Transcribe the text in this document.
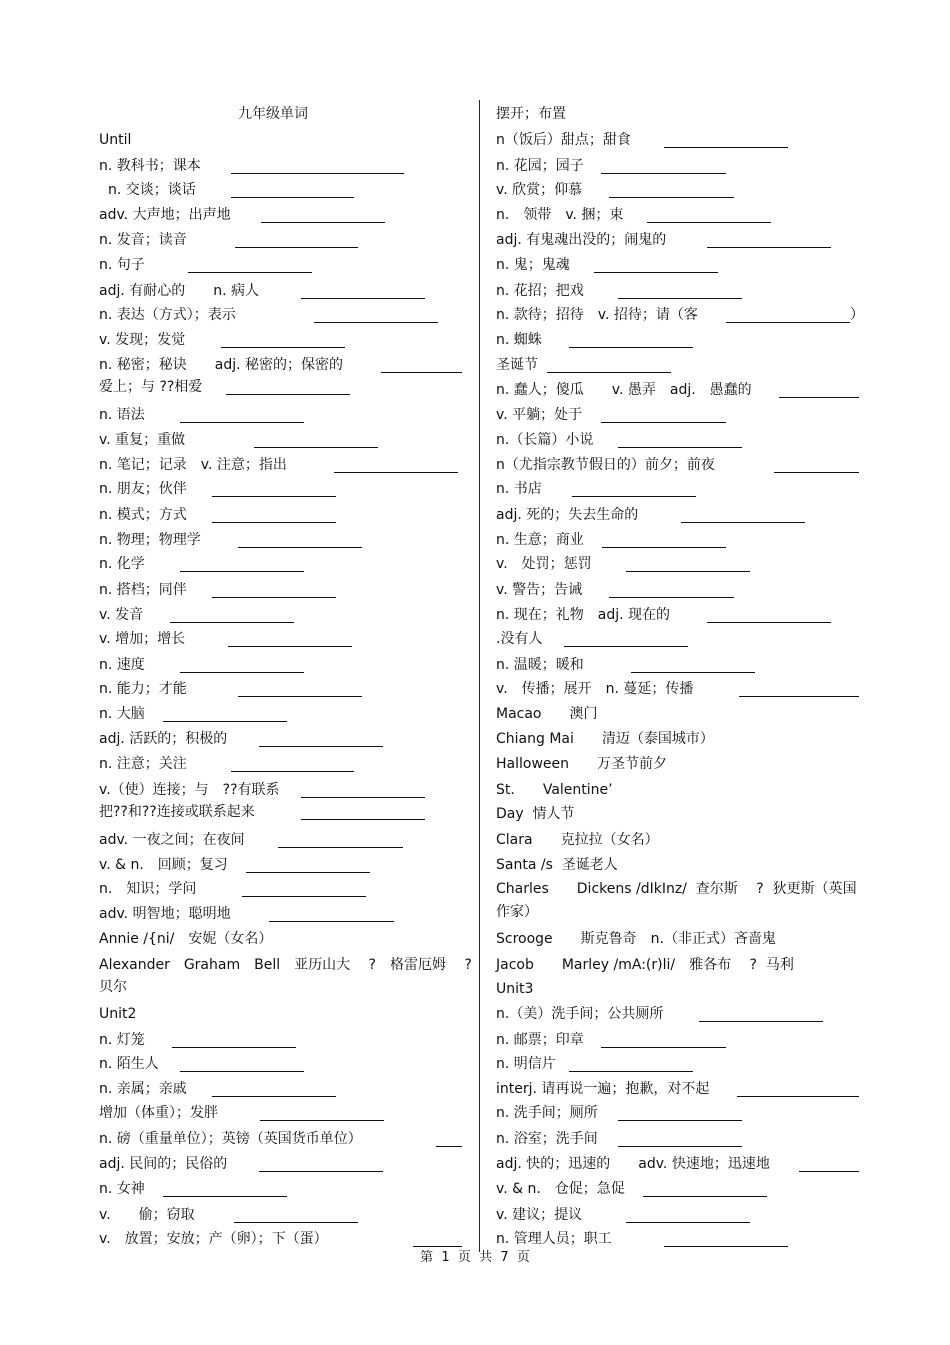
九年级单词
Until
n. 教科书；课本
n. 交谈；谈话
adv. 大声地；出声地
n. 发音；读音
n. 句子
adj. 有耐心的　　n. 病人
n. 表达（方式）；表示
v. 发现；发觉
n. 秘密；秘诀　　adj. 秘密的；保密的
爱上；与 ??相爱
n. 语法
v. 重复；重做
n. 笔记；记录　v. 注意；指出
n. 朋友；伙伴
n. 模式；方式
n. 物理；物理学
n. 化学
n. 搭档；同伴
v. 发音
v. 增加；增长
n. 速度
n. 能力；才能
n. 大脑
adj. 活跃的；积极的
n. 注意；关注
v.（使）连接；与　??有联系
把??和??连接或联系起来
adv. 一夜之间；在夜间
v. & n.　回顾；复习
n.　知识；学问
adv. 明智地；聪明地
Annie /{ni/　安妮（女名）
Alexander　Graham　Bell　亚历山大　 ?　格雷厄姆　 ?
贝尔
Unit2
n. 灯笼
n. 陌生人
n. 亲属；亲戚
增加（体重）；发胖
n. 磅（重量单位）；英镑（英国货币单位）
adj. 民间的；民俗的
n. 女神
v.　　偷；窃取
v.　放置；安放；产（卵）；下（蛋）
摆开；布置
n（饭后）甜点；甜食
n. 花园；园子
v. 欣赏；仰慕
n.　领带　v. 捆；束
adj. 有鬼魂出没的；闹鬼的
n. 鬼；鬼魂
n. 花招；把戏
n. 款待；招待　v. 招待；请（客
n. 蜘蛛
圣诞节
n. 蠢人；傻瓜　　v. 愚弄　adj.　愚蠢的
v. 平躺；处于
n.（长篇）小说
n（尤指宗教节假日的）前夕；前夜
n. 书店
adj. 死的；失去生命的
n. 生意；商业
v.　处罚；惩罚
v. 警告；告诫
n. 现在；礼物　adj. 现在的
.没有人
n. 温暖；暖和
v.　传播；展开　n. 蔓延；传播
Macao　　澳门
Chiang Mai　　清迈（泰国城市）
Halloween　　万圣节前夕
St.　　Valentine’
Day  情人节
Clara　　克拉拉（女名）
Santa /s  圣诞老人
Charles　　Dickens /dIkInz/  查尔斯　 ?  狄更斯（英国
作家）
Scrooge　　斯克鲁奇　n.（非正式）吝啬鬼
Jacob　　Marley /mA:(r)li/　雅各布　 ?  马利
Unit3
n.（美）洗手间；公共厕所
n. 邮票；印章
n. 明信片
interj. 请再说一遍；抱歉，对不起
n. 洗手间；厕所
n. 浴室；洗手间
adj. 快的；迅速的　　adv. 快速地；迅速地
v. & n.　仓促；急促
v. 建议；提议
n. 管理人员；职工
）
第  1  页  共  7  页
